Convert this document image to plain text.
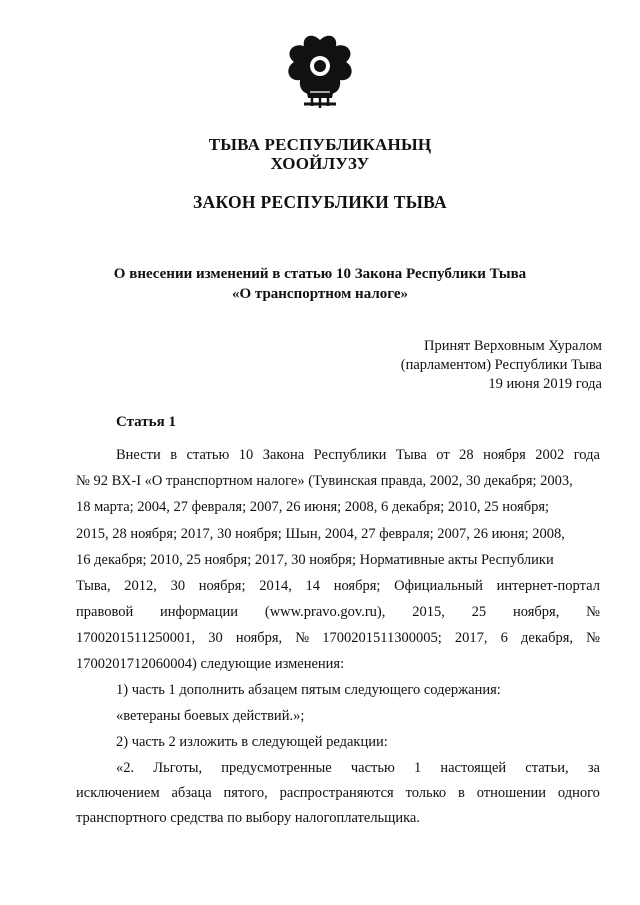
ТЫВА РЕСПУБЛИКАНЫҢ
ХООЙЛУЗУ
ЗАКОН РЕСПУБЛИКИ ТЫВА
О внесении изменений в статью 10 Закона Республики Тыва
«О транспортном налоге»
Принят Верховным Хуралом
(парламентом) Республики Тыва
19 июня 2019 года
Статья 1
Внести в статью 10 Закона Республики Тыва от 28 ноября 2002 года
№ 92 ВХ-I «О транспортном налоге» (Тувинская правда, 2002, 30 декабря; 2003,
18 марта; 2004, 27 февраля; 2007, 26 июня; 2008, 6 декабря; 2010, 25 ноября;
2015, 28 ноября; 2017, 30 ноября; Шын, 2004, 27 февраля; 2007, 26 июня; 2008,
16 декабря; 2010, 25 ноября; 2017, 30 ноября; Нормативные акты Республики
Тыва, 2012, 30 ноября; 2014, 14 ноября; Официальный интернет-портал
правовой информации (www.pravo.gov.ru), 2015, 25 ноября, №
1700201511250001, 30 ноября, № 1700201511300005; 2017, 6 декабря, №
1700201712060004) следующие изменения:
1) часть 1 дополнить абзацем пятым следующего содержания:
«ветераны боевых действий.»;
2) часть 2 изложить в следующей редакции:
«2. Льготы, предусмотренные частью 1 настоящей статьи, за
исключением абзаца пятого, распространяются только в отношении одного
транспортного средства по выбору налогоплательщика.
